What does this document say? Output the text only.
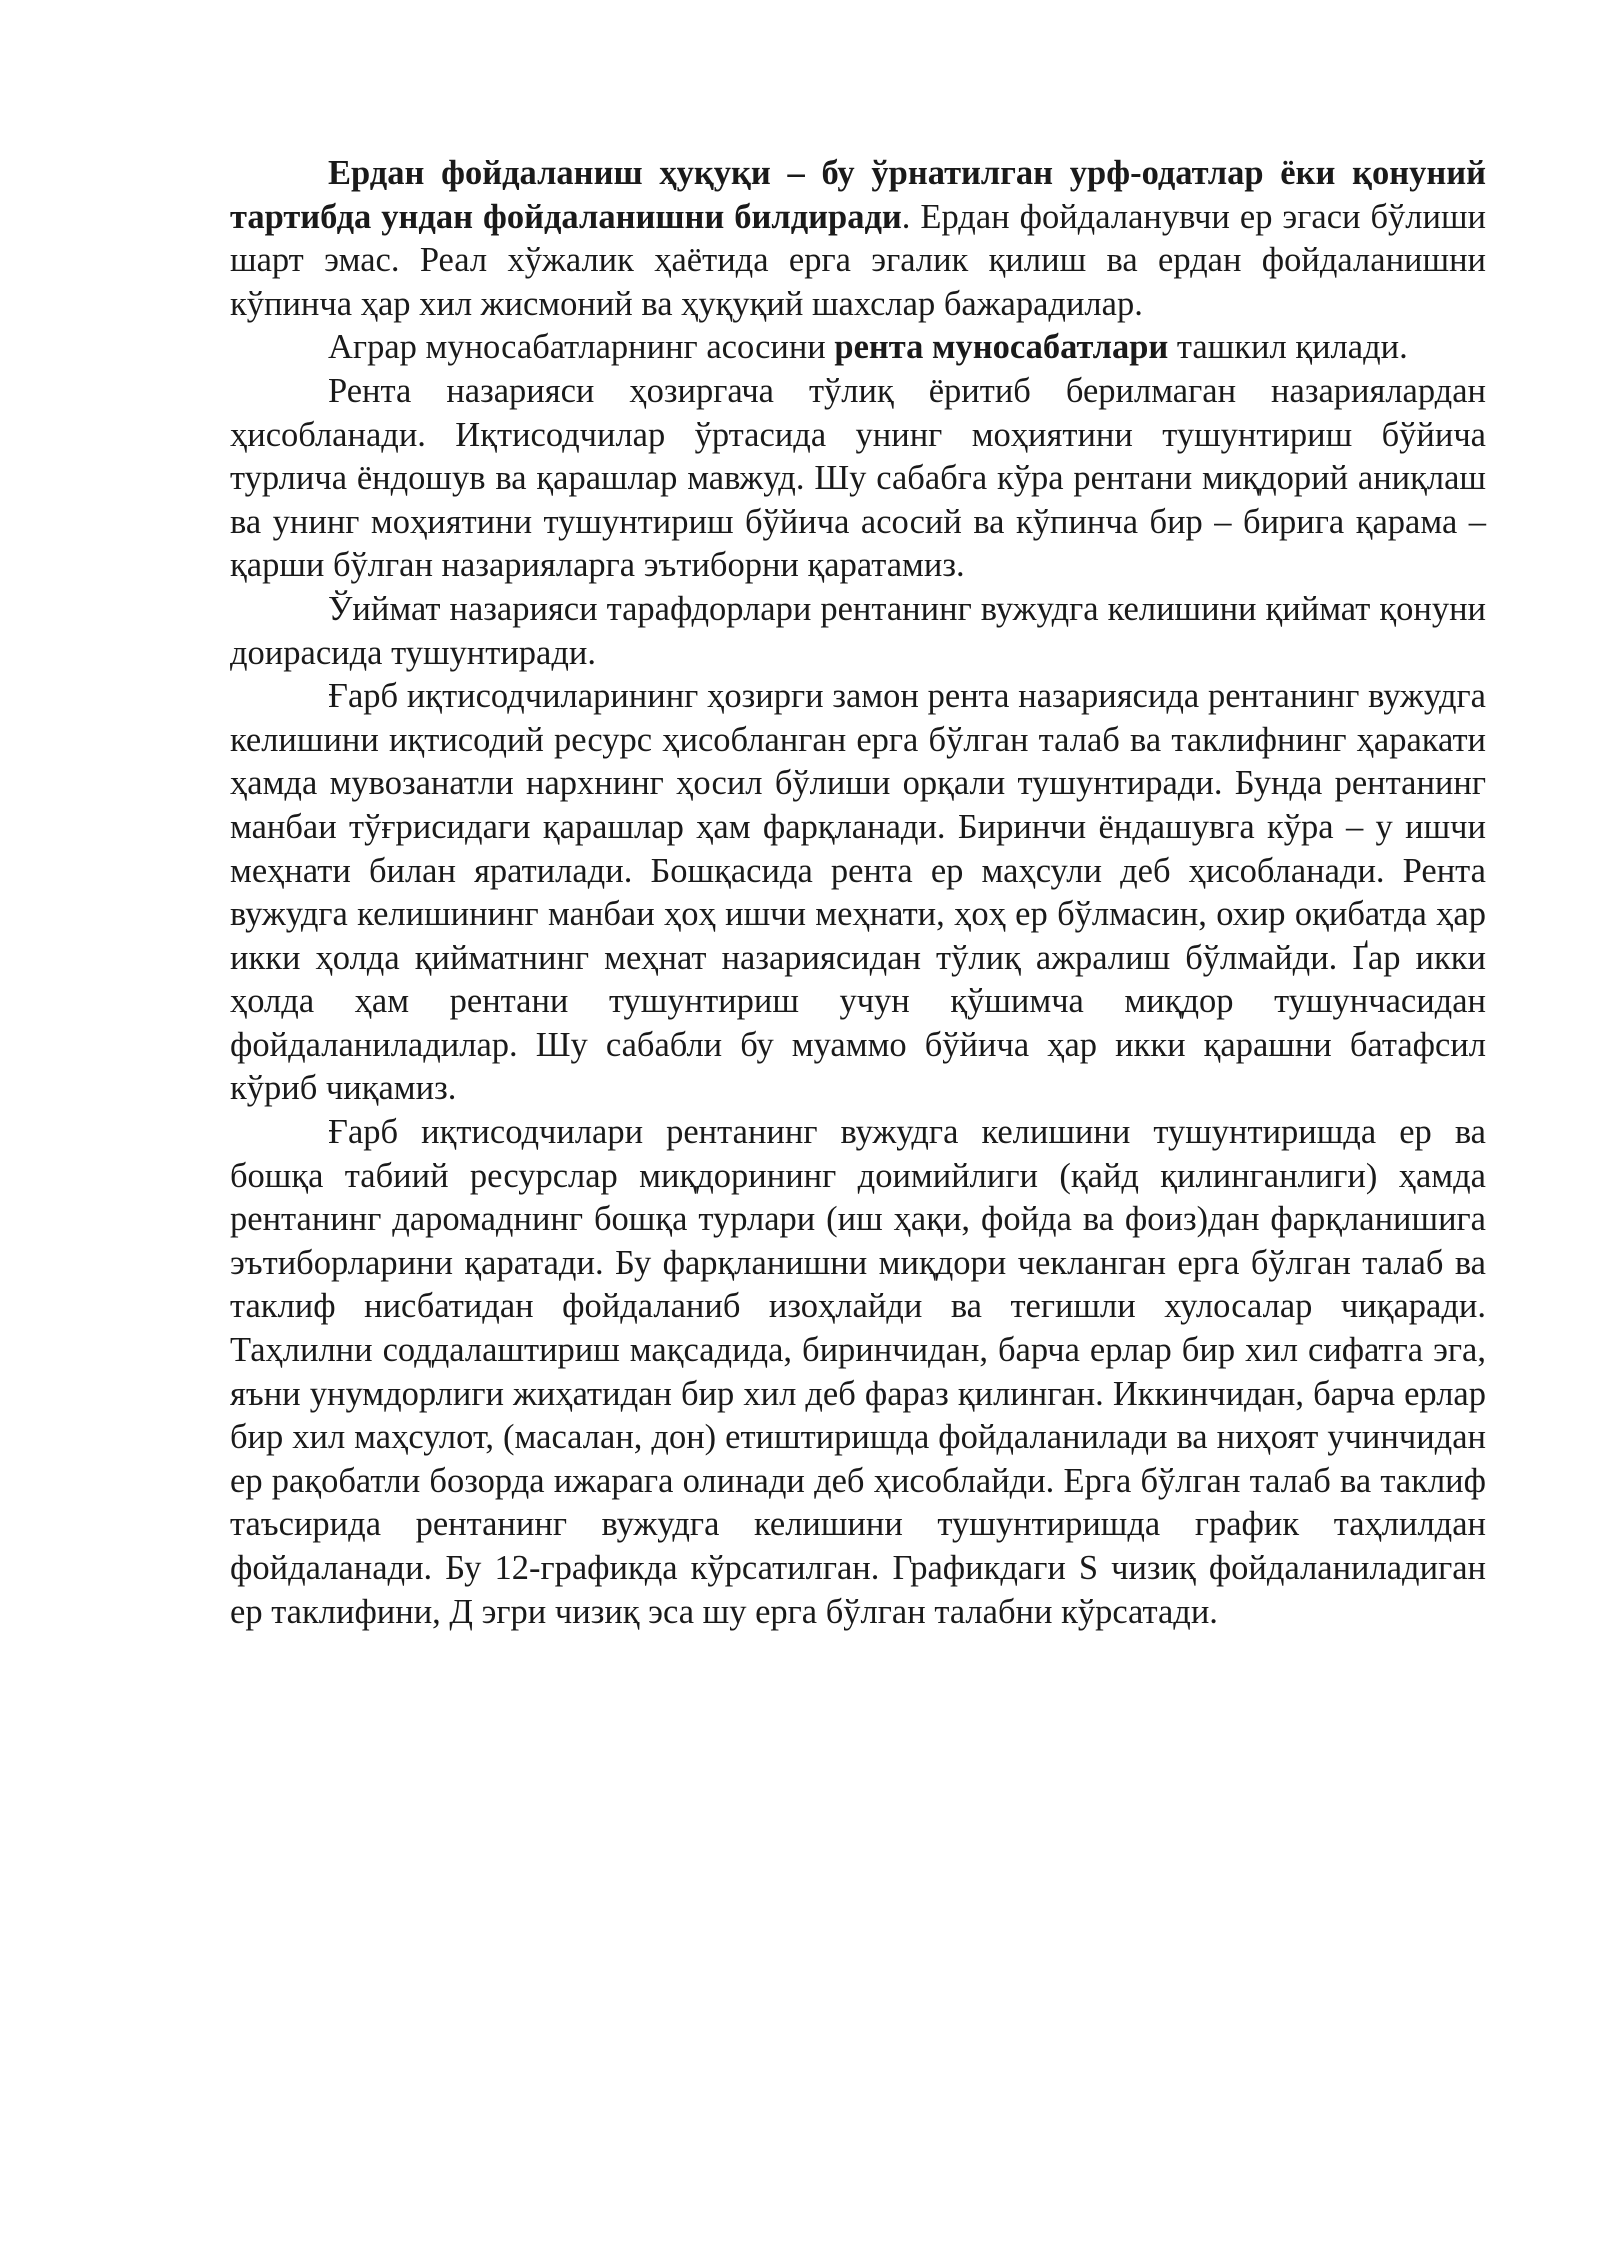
Ердан фойдаланиш ҳуқуқи – бу ўрнатилган урф-одатлар ёки қонуний тартибда ундан фойдаланишни билдиради. Ердан фойдаланувчи ер эгаси бўлиши шарт эмас. Реал хўжалик ҳаётида ерга эгалик қилиш ва ердан фойдаланишни кўпинча ҳар хил жисмоний ва ҳуқуқий шахслар бажарадилар.

Аграр муносабатларнинг асосини рента муносабатлари ташкил қилади.

Рента назарияси ҳозиргача тўлиқ ёритиб берилмаган назариялардан ҳисобланади. Иқтисодчилар ўртасида унинг моҳиятини тушунтириш бўйича турлича ёндошув ва қарашлар мавжуд. Шу сабабга кўра рентани миқдорий аниқлаш ва унинг моҳиятини тушунтириш бўйича асосий ва кўпинча бир – бирига қарама – қарши бўлган назарияларга эътиборни қаратамиз.

Ўиймат назарияси тарафдорлари рентанинг вужудга келишини қиймат қонуни доирасида тушунтиради.

Ғарб иқтисодчиларининг ҳозирги замон рента назариясида рентанинг вужудга келишини иқтисодий ресурс ҳисобланган ерга бўлган талаб ва таклифнинг ҳаракати ҳамда мувозанатли нархнинг ҳосил бўлиши орқали тушунтиради. Бунда рентанинг манбаи тўғрисидаги қарашлар ҳам фарқланади. Биринчи ёндашувга кўра – у ишчи меҳнати билан яратилади. Бошқасида рента ер маҳсули деб ҳисобланади. Рента вужудга келишининг манбаи ҳоҳ ишчи меҳнати, ҳоҳ ер бўлмасин, охир оқибатда ҳар икки ҳолда қийматнинг меҳнат назариясидан тўлиқ ажралиш бўлмайди. Ґар икки ҳолда ҳам рентани тушунтириш учун қўшимча миқдор тушунчасидан фойдаланиладилар. Шу сабабли бу муаммо бўйича ҳар икки қарашни батафсил кўриб чиқамиз.

Ғарб иқтисодчилари рентанинг вужудга келишини тушунтиришда ер ва бошқа табиий ресурслар миқдорининг доимийлиги (қайд қилинганлиги) ҳамда рентанинг даромаднинг бошқа турлари (иш ҳақи, фойда ва фоиз)дан фарқланишига эътиборларини қаратади. Бу фарқланишни миқдори чекланган ерга бўлган талаб ва таклиф нисбатидан фойдаланиб изоҳлайди ва тегишли хулосалар чиқаради. Таҳлилни соддалаштириш мақсадида, биринчидан, барча ерлар бир хил сифатга эга, яъни унумдорлиги жиҳатидан бир хил деб фараз қилинган. Иккинчидан, барча ерлар бир хил маҳсулот, (масалан, дон) етиштиришда фойдаланилади ва ниҳоят учинчидан ер рақобатли бозорда ижарага олинади деб ҳисоблайди. Ерга бўлган талаб ва таклиф таъсирида рентанинг вужудга келишини тушунтиришда график таҳлилдан фойдаланади. Бу 12-графикда кўрсатилган. Графикдаги S чизиқ фойдаланиладиган ер таклифини, Д эгри чизиқ эса шу ерга бўлган талабни кўрсатади.
